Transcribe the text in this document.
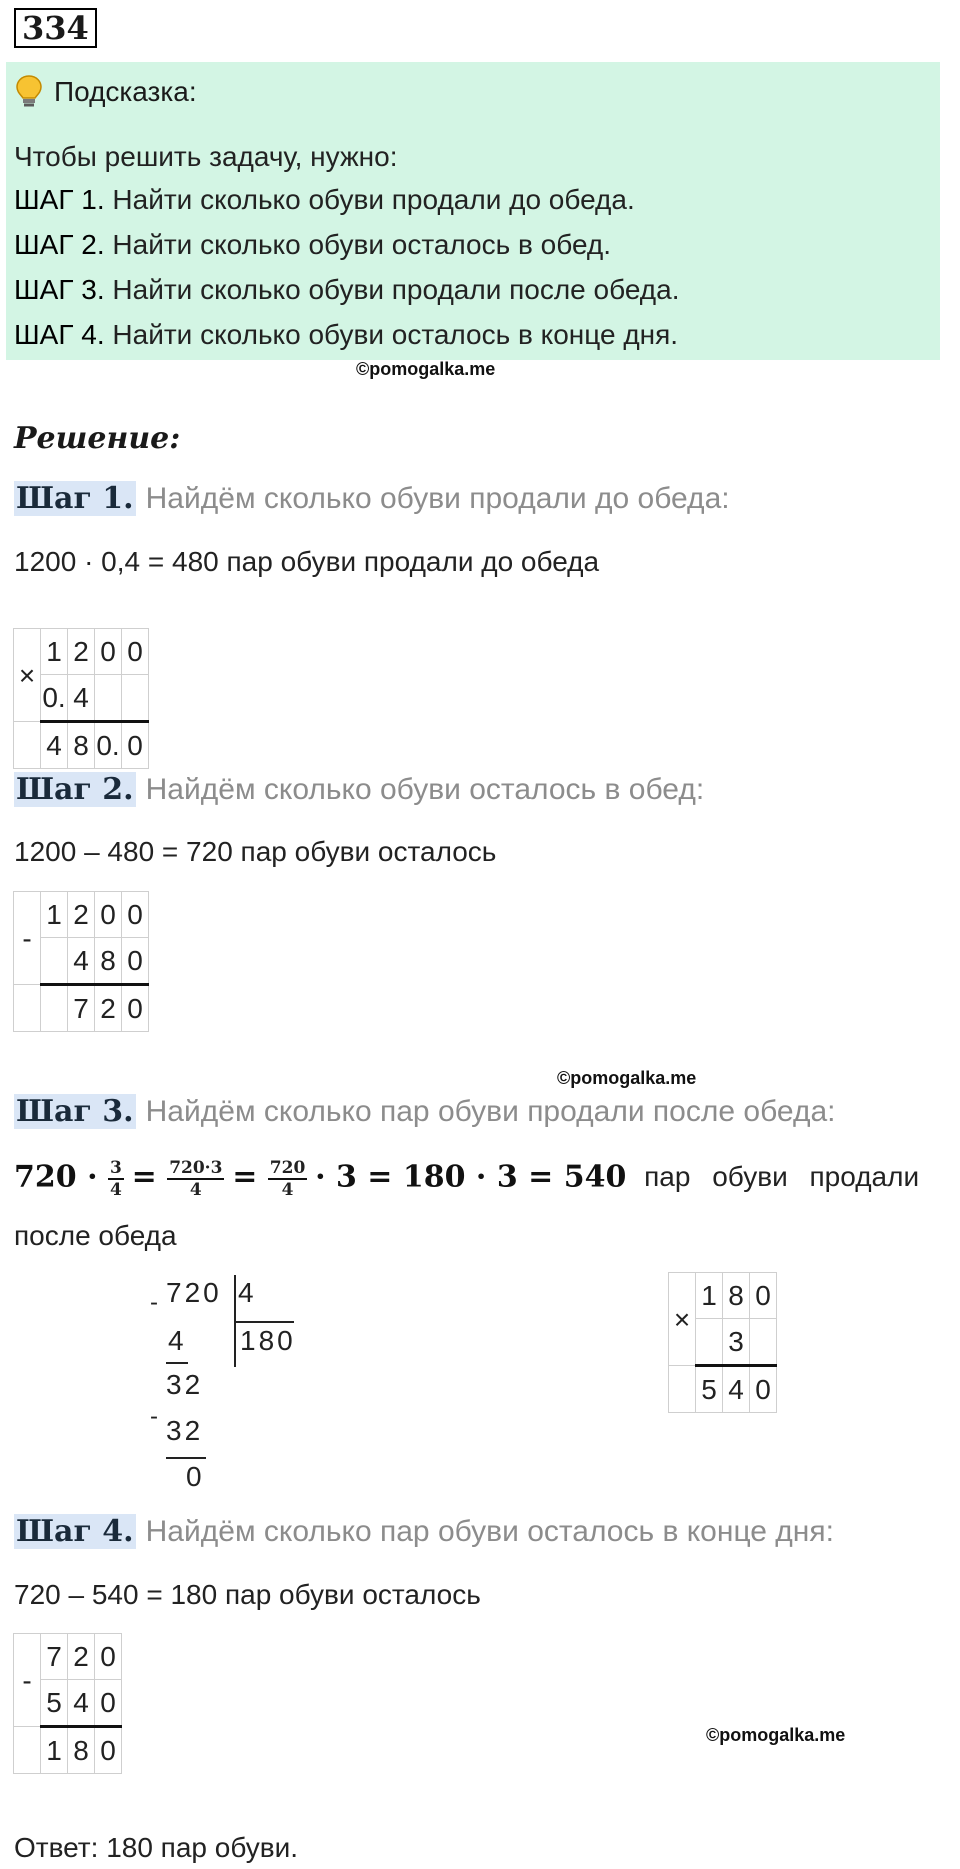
334
Подсказка:
Чтобы решить задачу, нужно:
ШАГ 1. Найти сколько обуви продали до обеда.
ШАГ 2. Найти сколько обуви осталось в обед.
ШАГ 3. Найти сколько обуви продали после обеда.
ШАГ 4. Найти сколько обуви осталось в конце дня.
©pomogalka.me
Решение:
Шаг 1. Найдём сколько обуви продали до обеда:
1200 · 0,4 = 480 пар обуви продали до обеда
×	1	2	0	0
	0.	4		
	4	8	0.	0
Шаг 2. Найдём сколько обуви осталось в обед:
1200 – 480 = 720 пар обуви осталось
-	1	2	0	0
		4	8	0
		7	2	0
©pomogalka.me
Шаг 3. Найдём сколько пар обуви продали после обеда:
$720 \cdot \frac{3}{4} = \frac{720\cdot 3}{4} = \frac{720}{4} \cdot 3 = 180 \cdot 3 = 540$ пар обуви продали
после обеда
- 720 4
180
4
32
- 32
0
×	1	8	0
		3	
	5	4	0
Шаг 4. Найдём сколько пар обуви осталось в конце дня:
720 – 540 = 180 пар обуви осталось
-	7	2	0
	5	4	0
	1	8	0	©pomogalka.me
Ответ: 180 пар обуви.
